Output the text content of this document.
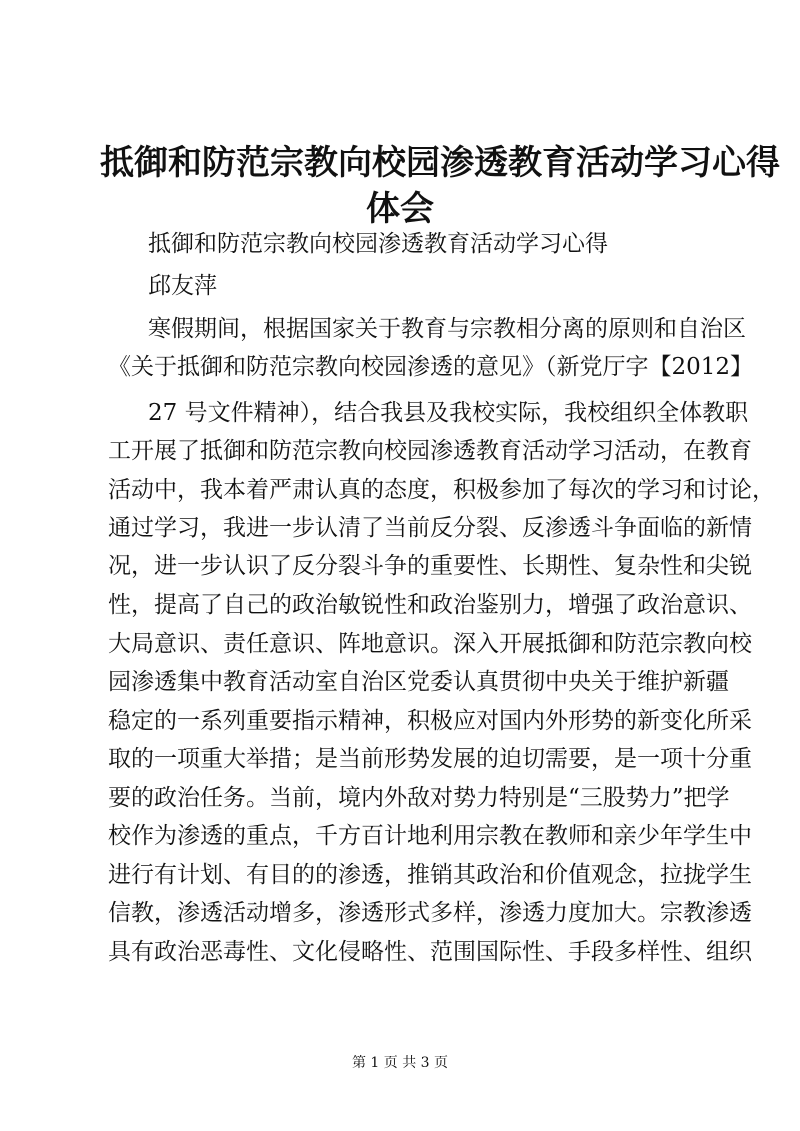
抵御和防范宗教向校园渗透教育活动学习心得
体会
抵御和防范宗教向校园渗透教育活动学习心得
邱友萍
寒假期间，根据国家关于教育与宗教相分离的原则和自治区
《关于抵御和防范宗教向校园渗透的意见》（新党厅字【2012】
27 号文件精神），结合我县及我校实际，我校组织全体教职
工开展了抵御和防范宗教向校园渗透教育活动学习活动，在教育
活动中，我本着严肃认真的态度，积极参加了每次的学习和讨论，
通过学习，我进一步认清了当前反分裂、反渗透斗争面临的新情
况，进一步认识了反分裂斗争的重要性、长期性、复杂性和尖锐
性，提高了自己的政治敏锐性和政治鉴别力，增强了政治意识、
大局意识、责任意识、阵地意识。深入开展抵御和防范宗教向校
园渗透集中教育活动室自治区党委认真贯彻中央关于维护新疆
稳定的一系列重要指示精神，积极应对国内外形势的新变化所采
取的一项重大举措；是当前形势发展的迫切需要，是一项十分重
要的政治任务。当前，境内外敌对势力特别是“三股势力”把学
校作为渗透的重点，千方百计地利用宗教在教师和亲少年学生中
进行有计划、有目的的渗透，推销其政治和价值观念，拉拢学生
信教，渗透活动增多，渗透形式多样，渗透力度加大。宗教渗透
具有政治恶毒性、文化侵略性、范围国际性、手段多样性、组织
第 1 页 共 3 页
